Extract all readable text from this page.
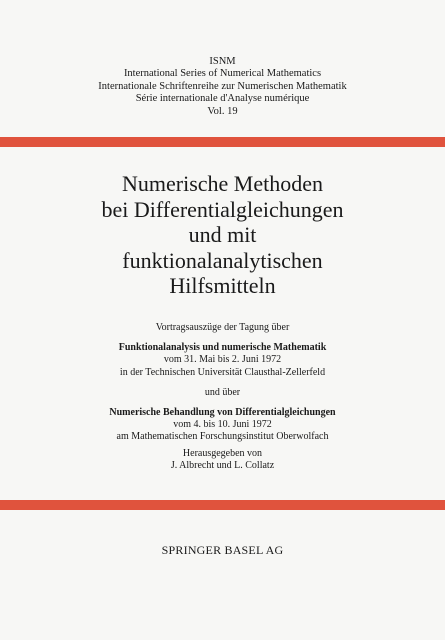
ISNM
International Series of Numerical Mathematics
Internationale Schriftenreihe zur Numerischen Mathematik
Série internationale d'Analyse numérique
Vol. 19
Numerische Methoden
bei Differentialgleichungen
und mit
funktionalanalytischen
Hilfsmitteln
Vortragsauszüge der Tagung über
Funktionalanalysis und numerische Mathematik
vom 31. Mai bis 2. Juni 1972
in der Technischen Universität Clausthal-Zellerfeld
und über
Numerische Behandlung von Differentialgleichungen
vom 4. bis 10. Juni 1972
am Mathematischen Forschungsinstitut Oberwolfach
Herausgegeben von
J. Albrecht und L. Collatz
SPRINGER BASEL AG
